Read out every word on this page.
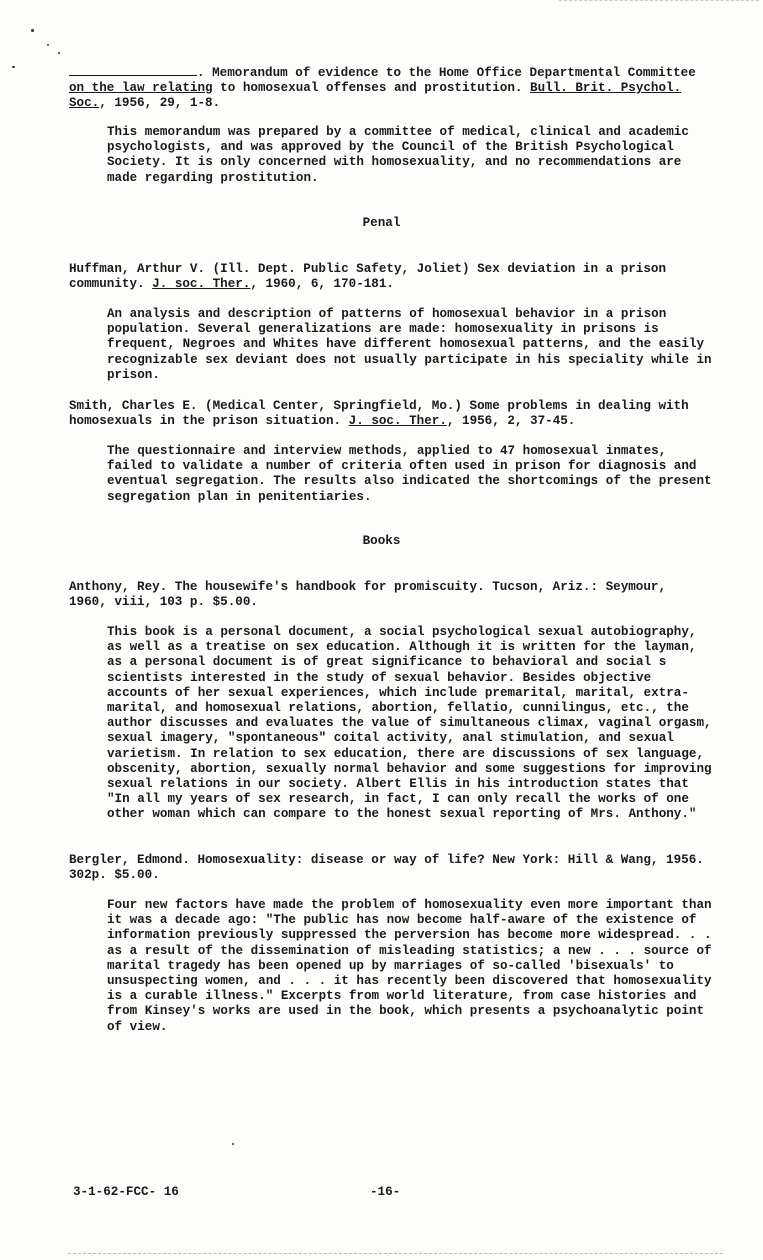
. Memorandum of evidence to the Home Office Departmental Committee
on the law relating to homosexual offenses and prostitution. Bull. Brit. Psychol.
Soc., 1956, 29, 1-8.

This memorandum was prepared by a committee of medical, clinical and academic psychologists, and was approved by the Council of the British Psychological Society. It is only concerned with homosexuality, and no recommendations are made regarding prostitution.

Penal

Huffman, Arthur V. (Ill. Dept. Public Safety, Joliet) Sex deviation in a prison community. J. soc. Ther., 1960, 6, 170-181.

An analysis and description of patterns of homosexual behavior in a prison population. Several generalizations are made: homosexuality in prisons is frequent, Negroes and Whites have different homosexual patterns, and the easily recognizable sex deviant does not usually participate in his speciality while in prison.

Smith, Charles E. (Medical Center, Springfield, Mo.) Some problems in dealing with homosexuals in the prison situation. J. soc. Ther., 1956, 2, 37-45.

The questionnaire and interview methods, applied to 47 homosexual inmates, failed to validate a number of criteria often used in prison for diagnosis and eventual segregation. The results also indicated the shortcomings of the present segregation plan in penitentiaries.

Books

Anthony, Rey. The housewife's handbook for promiscuity. Tucson, Ariz.: Seymour, 1960, viii, 103 p. $5.00.

This book is a personal document, a social psychological sexual autobiography, as well as a treatise on sex education. Although it is written for the layman, as a personal document is of great significance to behavioral and social s scientists interested in the study of sexual behavior. Besides objective accounts of her sexual experiences, which include premarital, marital, extra-marital, and homosexual relations, abortion, fellatio, cunnilingus, etc., the author discusses and evaluates the value of simultaneous climax, vaginal orgasm, sexual imagery, "spontaneous" coital activity, anal stimulation, and sexual varietism. In relation to sex education, there are discussions of sex language, obscenity, abortion, sexually normal behavior and some suggestions for improving sexual relations in our society. Albert Ellis in his introduction states that "In all my years of sex research, in fact, I can only recall the works of one other woman which can compare to the honest sexual reporting of Mrs. Anthony."

Bergler, Edmond. Homosexuality: disease or way of life? New York: Hill & Wang, 1956. 302p. $5.00.

Four new factors have made the problem of homosexuality even more important than it was a decade ago: "The public has now become half-aware of the existence of information previously suppressed the perversion has become more widespread. . . as a result of the dissemination of misleading statistics; a new . . . source of marital tragedy has been opened up by marriages of so-called 'bisexuals' to unsuspecting women, and . . . it has recently been discovered that homosexuality is a curable illness." Excerpts from world literature, from case histories and from Kinsey's works are used in the book, which presents a psychoanalytic point of view.

3-1-62-FCC- 16	-16-
